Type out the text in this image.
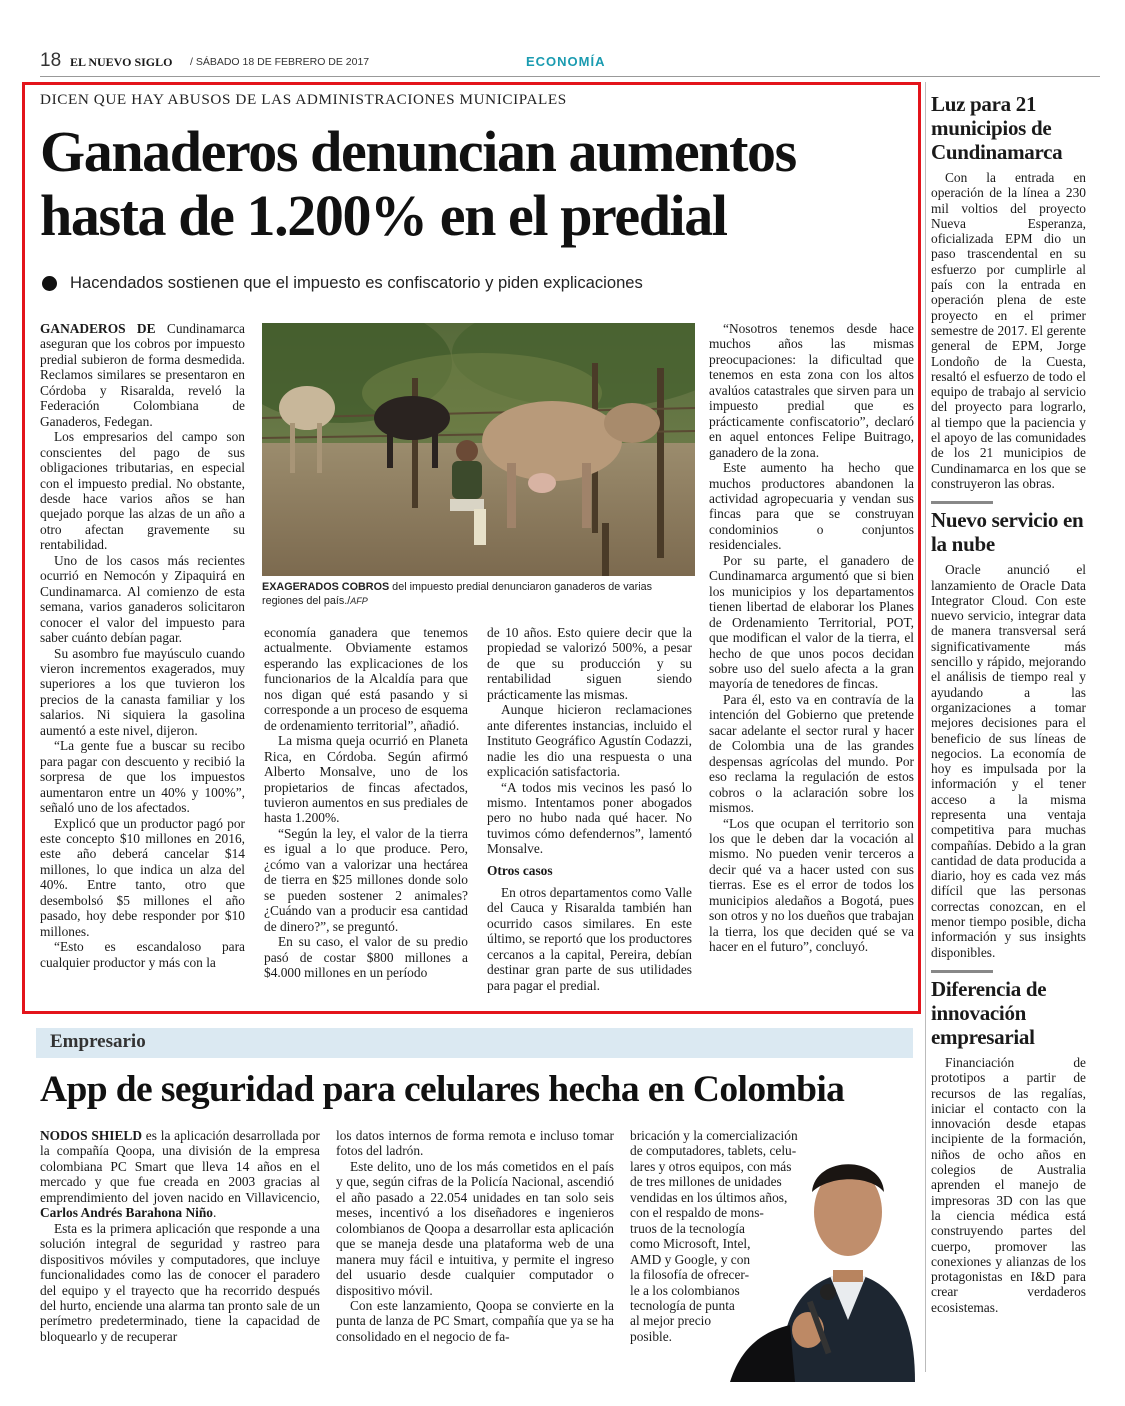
18 EL NUEVO SIGLO / SÁBADO 18 DE FEBRERO DE 2017	ECONOMÍA
DICEN QUE HAY ABUSOS DE LAS ADMINISTRACIONES MUNICIPALES
Ganaderos denuncian aumentos
hasta de 1.200% en el predial
Hacendados sostienen que el impuesto es confiscatorio y piden explicaciones

GANADEROS DE Cundinamarca aseguran que los cobros por impuesto predial subieron de forma desmedida. Reclamos similares se presentaron en Córdoba y Risaralda, reveló la Federación Colombiana de Ganaderos, Fedegan.

Los empresarios del campo son conscientes del pago de sus obligaciones tributarias, en especial con el impuesto predial. No obstante, desde hace varios años se han quejado porque las alzas de un año a otro afectan gravemente su rentabilidad.

Uno de los casos más recientes ocurrió en Nemocón y Zipaquirá en Cundinamarca. Al comienzo de esta semana, varios ganaderos solicitaron conocer el valor del impuesto para saber cuánto debían pagar.

Su asombro fue mayúsculo cuando vieron incrementos exagerados, muy superiores a los que tuvieron los precios de la canasta familiar y los salarios. Ni siquiera la gasolina aumentó a este nivel, dijeron.

“La gente fue a buscar su recibo para pagar con descuento y recibió la sorpresa de que los impuestos aumentaron entre un 40% y 100%”, señaló uno de los afectados.

Explicó que un productor pagó por este concepto $10 millones en 2016, este año deberá cancelar $14 millones, lo que indica un alza del 40%. Entre tanto, otro que desembolsó $5 millones el año pasado, hoy debe responder por $10 millones.

“Esto es escandaloso para cualquier productor y más con la

EXAGERADOS COBROS del impuesto predial denunciaron ganaderos de varias regiones del país./AFP

economía ganadera que tenemos actualmente. Obviamente estamos esperando las explicaciones de los funcionarios de la Alcaldía para que nos digan qué está pasando y si corresponde a un proceso de esquema de ordenamiento territorial”, añadió.

La misma queja ocurrió en Planeta Rica, en Córdoba. Según afirmó Alberto Monsalve, uno de los propietarios de fincas afectados, tuvieron aumentos en sus prediales de hasta 1.200%.

“Según la ley, el valor de la tierra es igual a lo que produce. Pero, ¿cómo van a valorizar una hectárea de tierra en $25 millones donde solo se pueden sostener 2 animales? ¿Cuándo van a producir esa cantidad de dinero?”, se preguntó.

En su caso, el valor de su predio pasó de costar $800 millones a $4.000 millones en un período

de 10 años. Esto quiere decir que la propiedad se valorizó 500%, a pesar de que su producción y su rentabilidad siguen siendo prácticamente las mismas.

Aunque hicieron reclamaciones ante diferentes instancias, incluido el Instituto Geográfico Agustín Codazzi, nadie les dio una respuesta o una explicación satisfactoria.

“A todos mis vecinos les pasó lo mismo. Intentamos poner abogados pero no hubo nada qué hacer. No tuvimos cómo defendernos”, lamentó Monsalve.

Otros casos

En otros departamentos como Valle del Cauca y Risaralda también han ocurrido casos similares. En este último, se reportó que los productores cercanos a la capital, Pereira, debían destinar gran parte de sus utilidades para pagar el predial.

“Nosotros tenemos desde hace muchos años las mismas preocupaciones: la dificultad que tenemos en esta zona con los altos avalúos catastrales que sirven para un impuesto predial que es prácticamente confiscatorio”, declaró en aquel entonces Felipe Buitrago, ganadero de la zona.

Este aumento ha hecho que muchos productores abandonen la actividad agropecuaria y vendan sus fincas para que se construyan condominios o conjuntos residenciales.

Por su parte, el ganadero de Cundinamarca argumentó que si bien los municipios y los departamentos tienen libertad de elaborar los Planes de Ordenamiento Territorial, POT, que modifican el valor de la tierra, el hecho de que unos pocos decidan sobre uso del suelo afecta a la gran mayoría de tenedores de fincas.

Para él, esto va en contravía de la intención del Gobierno que pretende sacar adelante el sector rural y hacer de Colombia una de las grandes despensas agrícolas del mundo. Por eso reclama la regulación de estos cobros o la aclaración sobre los mismos.

“Los que ocupan el territorio son los que le deben dar la vocación al mismo. No pueden venir terceros a decir qué va a hacer usted con sus tierras. Ese es el error de todos los municipios aledaños a Bogotá, pues son otros y no los dueños que trabajan la tierra, los que deciden qué se va hacer en el futuro”, concluyó.

Luz para 21 municipios de Cundinamarca

Con la entrada en operación de la línea a 230 mil voltios del proyecto Nueva Esperanza, oficializada EPM dio un paso trascendental en su esfuerzo por cumplirle al país con la entrada en operación plena de este proyecto en el primer semestre de 2017. El gerente general de EPM, Jorge Londoño de la Cuesta, resaltó el esfuerzo de todo el equipo de trabajo al servicio del proyecto para lograrlo, al tiempo que la paciencia y el apoyo de las comunidades de los 21 municipios de Cundinamarca en los que se construyeron las obras.

Nuevo servicio en la nube

Oracle anunció el lanzamiento de Oracle Data Integrator Cloud. Con este nuevo servicio, integrar data de manera transversal será significativamente más sencillo y rápido, mejorando el análisis de tiempo real y ayudando a las organizaciones a tomar mejores decisiones para el beneficio de sus líneas de negocios. La economía de hoy es impulsada por la información y el tener acceso a la misma representa una ventaja competitiva para muchas compañías. Debido a la gran cantidad de data producida a diario, hoy es cada vez más difícil que las personas correctas conozcan, en el menor tiempo posible, dicha información y sus insights disponibles.

Diferencia de innovación empresarial

Financiación de prototipos a partir de recursos de las regalías, iniciar el contacto con la innovación desde etapas incipiente de la formación, niños de ocho años en colegios de Australia aprenden el manejo de impresoras 3D con las que la ciencia médica está construyendo partes del cuerpo, promover las conexiones y alianzas de los protagonistas en I&D para crear verdaderos ecosistemas.

Empresario
App de seguridad para celulares hecha en Colombia

NODOS SHIELD es la aplicación desarrollada por la compañía Qoopa, una división de la empresa colombiana PC Smart que lleva 14 años en el mercado y que fue creada en 2003 gracias al emprendimiento del joven nacido en Villavicencio, Carlos Andrés Barahona Niño.

Esta es la primera aplicación que responde a una solución integral de seguridad y rastreo para dispositivos móviles y computadores, que incluye funcionalidades como las de conocer el paradero del equipo y el trayecto que ha recorrido después del hurto, enciende una alarma tan pronto sale de un perímetro predeterminado, tiene la capacidad de bloquearlo y de recuperar

los datos internos de forma remota e incluso tomar fotos del ladrón.

Este delito, uno de los más cometidos en el país y que, según cifras de la Policía Nacional, ascendió el año pasado a 22.054 unidades en tan solo seis meses, incentivó a los diseñadores e ingenieros colombianos de Qoopa a desarrollar esta aplicación que se maneja desde una plataforma web de una manera muy fácil e intuitiva, y permite el ingreso del usuario desde cualquier computador o dispositivo móvil.

Con este lanzamiento, Qoopa se convierte en la punta de lanza de PC Smart, compañía que ya se ha consolidado en el negocio de fa-

bricación y la comercialización
de computadores, tablets, celu-
lares y otros equipos, con más
de tres millones de unidades
vendidas en los últimos años,
con el respaldo de mons-
truos de la tecnología
como Microsoft, Intel,
AMD y Google, y con
la filosofía de ofrecer-
le a los colombianos
tecnología de punta
al mejor precio
posible.
